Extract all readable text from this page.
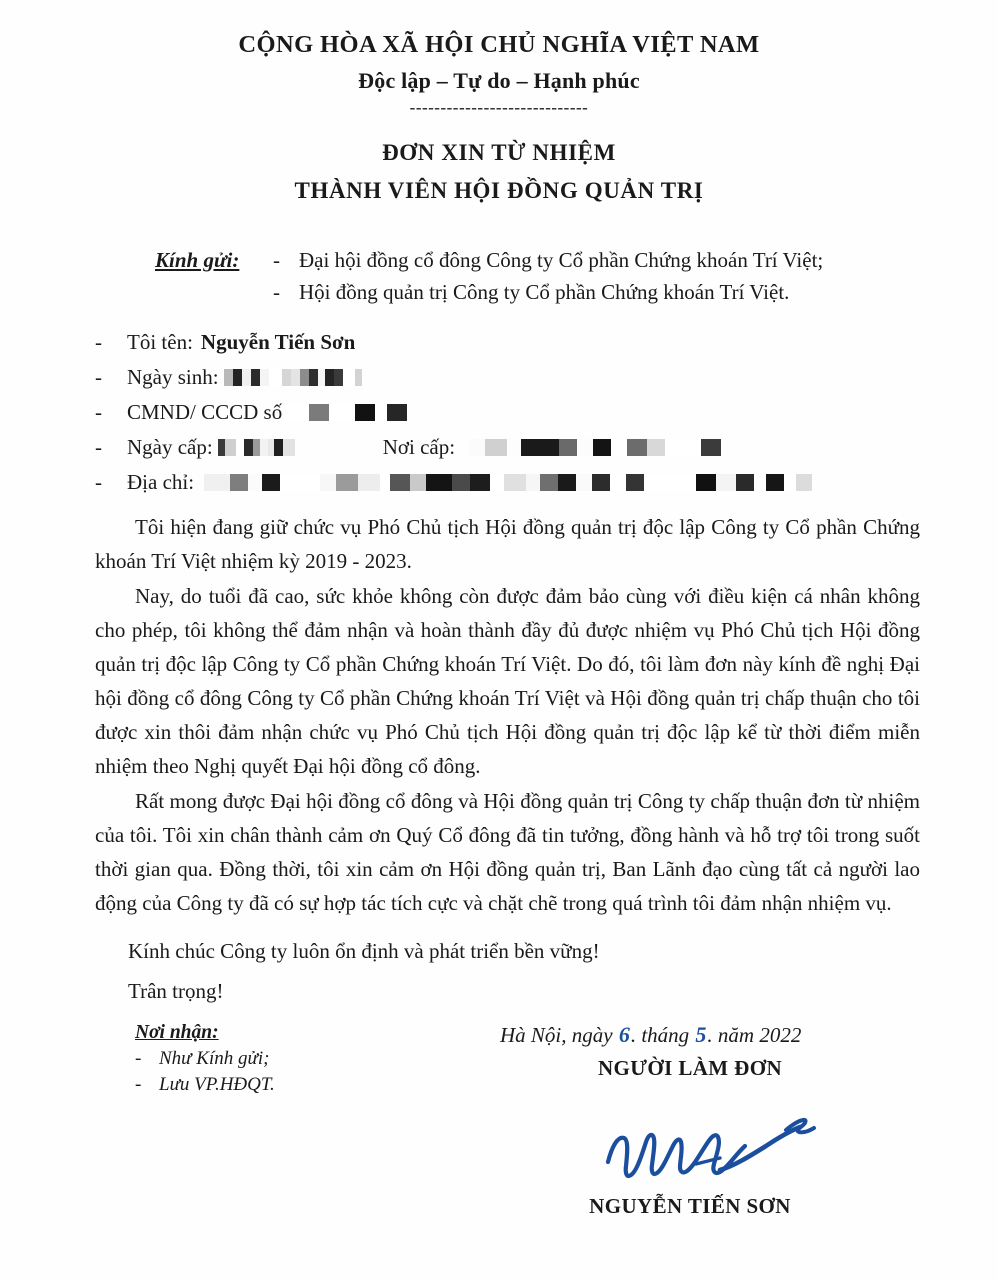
CỘNG HÒA XÃ HỘI CHỦ NGHĨA VIỆT NAM
Độc lập – Tự do – Hạnh phúc
-----------------------------
ĐƠN XIN TỪ NHIỆM
THÀNH VIÊN HỘI ĐỒNG QUẢN TRỊ
Kính gửi:	- Đại hội đồng cổ đông Công ty Cổ phần Chứng khoán Trí Việt;
- Hội đồng quản trị Công ty Cổ phần Chứng khoán Trí Việt.
-	Tôi tên: Nguyễn Tiến Sơn
-	Ngày sinh:
-	CMND/ CCCD số
-	Ngày cấp:	Nơi cấp:
-	Địa chỉ:

Tôi hiện đang giữ chức vụ Phó Chủ tịch Hội đồng quản trị độc lập Công ty Cổ phần Chứng khoán Trí Việt nhiệm kỳ 2019 - 2023.

Nay, do tuổi đã cao, sức khỏe không còn được đảm bảo cùng với điều kiện cá nhân không cho phép, tôi không thể đảm nhận và hoàn thành đầy đủ được nhiệm vụ Phó Chủ tịch Hội đồng quản trị độc lập Công ty Cổ phần Chứng khoán Trí Việt. Do đó, tôi làm đơn này kính đề nghị Đại hội đồng cổ đông Công ty Cổ phần Chứng khoán Trí Việt và Hội đồng quản trị chấp thuận cho tôi được xin thôi đảm nhận chức vụ Phó Chủ tịch Hội đồng quản trị độc lập kể từ thời điểm miễn nhiệm theo Nghị quyết Đại hội đồng cổ đông.

Rất mong được Đại hội đồng cổ đông và Hội đồng quản trị Công ty chấp thuận đơn từ nhiệm của tôi. Tôi xin chân thành cảm ơn Quý Cổ đông đã tin tưởng, đồng hành và hỗ trợ tôi trong suốt thời gian qua. Đồng thời, tôi xin cảm ơn Hội đồng quản trị, Ban Lãnh đạo cùng tất cả người lao động của Công ty đã có sự hợp tác tích cực và chặt chẽ trong quá trình tôi đảm nhận nhiệm vụ.

Kính chúc Công ty luôn ổn định và phát triển bền vững!
Trân trọng!
Hà Nội, ngày 6. tháng 5. năm 2022
NGƯỜI LÀM ĐƠN
NGUYỄN TIẾN SƠN
Nơi nhận:
- Như Kính gửi;
- Lưu VP.HĐQT.
